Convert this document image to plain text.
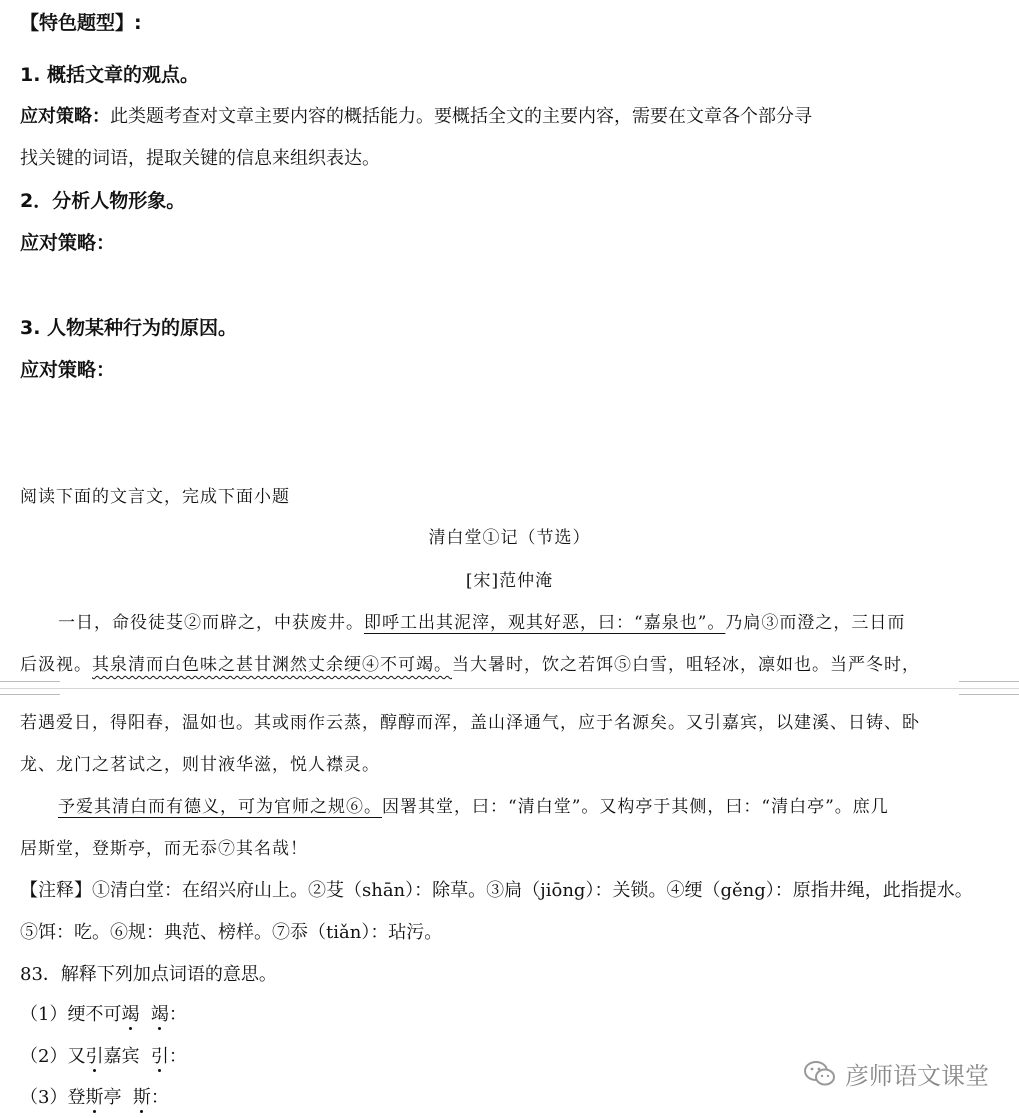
【特色题型】:
1. 概括文章的观点。
应对策略：此类题考查对文章主要内容的概括能力。要概括全文的主要内容，需要在文章各个部分寻
找关键的词语，提取关键的信息来组织表达。
2．分析人物形象。
应对策略：
3. 人物某种行为的原因。
应对策略：
阅读下面的文言文，完成下面小题
清白堂①记（节选）
[宋]范仲淹
一日，命役徒芟②而辟之，中获废井。即呼工出其泥滓，观其好恶，曰：“嘉泉也”。乃扃③而澄之，三日而
后汲视。其泉清而白色味之甚甘渊然丈余绠④不可竭。当大暑时，饮之若饵⑤白雪，咀轻冰，凛如也。当严冬时，
若遇爱日，得阳春，温如也。其或雨作云蒸，醇醇而浑，盖山泽通气，应于名源矣。又引嘉宾，以建溪、日铸、卧
龙、龙门之茗试之，则甘液华滋，悦人襟灵。
予爱其清白而有德义，可为官师之规⑥。因署其堂，曰：“清白堂”。又构亭于其侧，曰：“清白亭”。庶几
居斯堂，登斯亭，而无忝⑦其名哉！
【注释】①清白堂：在绍兴府山上。②芟（shān）：除草。③扃（jiōng）：关锁。④绠（gěng）：原指井绳，此指提水。
⑤饵：吃。⑥规：典范、榜样。⑦忝（tiǎn）：玷污。
83．解释下列加点词语的意思。
（1）绠不可竭 竭：
（2）又引嘉宾 引：
（3）登斯亭 斯：
彦师语文课堂
